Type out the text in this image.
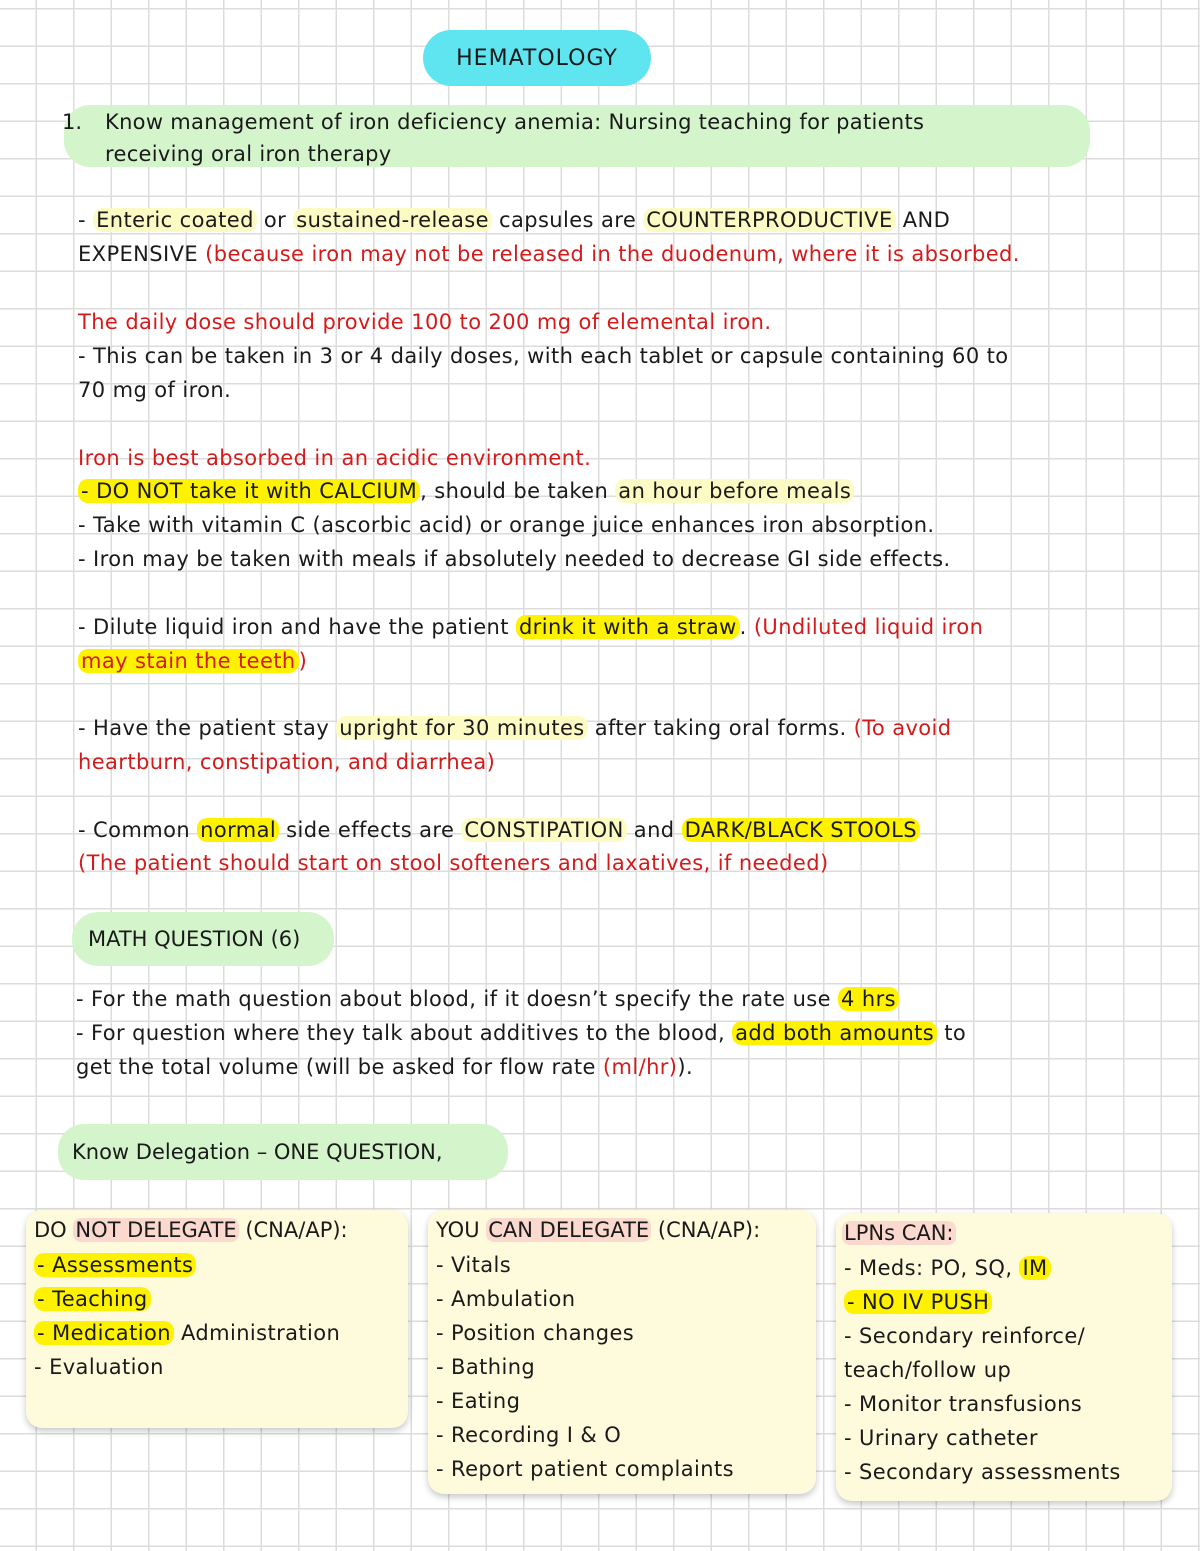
HEMATOLOGY
1. Know management of iron deficiency anemia: Nursing teaching for patients
receiving oral iron therapy
- Enteric coated or sustained-release capsules are COUNTERPRODUCTIVE AND
EXPENSIVE (because iron may not be released in the duodenum, where it is absorbed.
The daily dose should provide 100 to 200 mg of elemental iron.
- This can be taken in 3 or 4 daily doses, with each tablet or capsule containing 60 to
70 mg of iron.
Iron is best absorbed in an acidic environment.
- DO NOT take it with CALCIUM , should be taken an hour before meals
- Take with vitamin C (ascorbic acid) or orange juice enhances iron absorption.
- Iron may be taken with meals if absolutely needed to decrease GI side effects.
- Dilute liquid iron and have the patient drink it with a straw . (Undiluted liquid iron
may stain the teeth )
- Have the patient stay upright for 30 minutes after taking oral forms. (To avoid
heartburn, constipation, and diarrhea)
- Common normal side effects are CONSTIPATION and DARK/BLACK STOOLS
(The patient should start on stool softeners and laxatives, if needed)
MATH QUESTION (6)
- For the math question about blood, if it doesn’t specify the rate use 4 hrs
- For question where they talk about additives to the blood, add both amounts to
get the total volume (will be asked for flow rate (ml/hr)).
Know Delegation – ONE QUESTION,
DO NOT DELEGATE (CNA/AP):
- Assessments
- Teaching
- Medication Administration
- Evaluation
YOU CAN DELEGATE (CNA/AP):
- Vitals
- Ambulation
- Position changes
- Bathing
- Eating
- Recording I & O
- Report patient complaints
LPNs CAN:
- Meds: PO, SQ, IM
- NO IV PUSH
- Secondary reinforce/
teach/follow up
- Monitor transfusions
- Urinary catheter
- Secondary assessments
